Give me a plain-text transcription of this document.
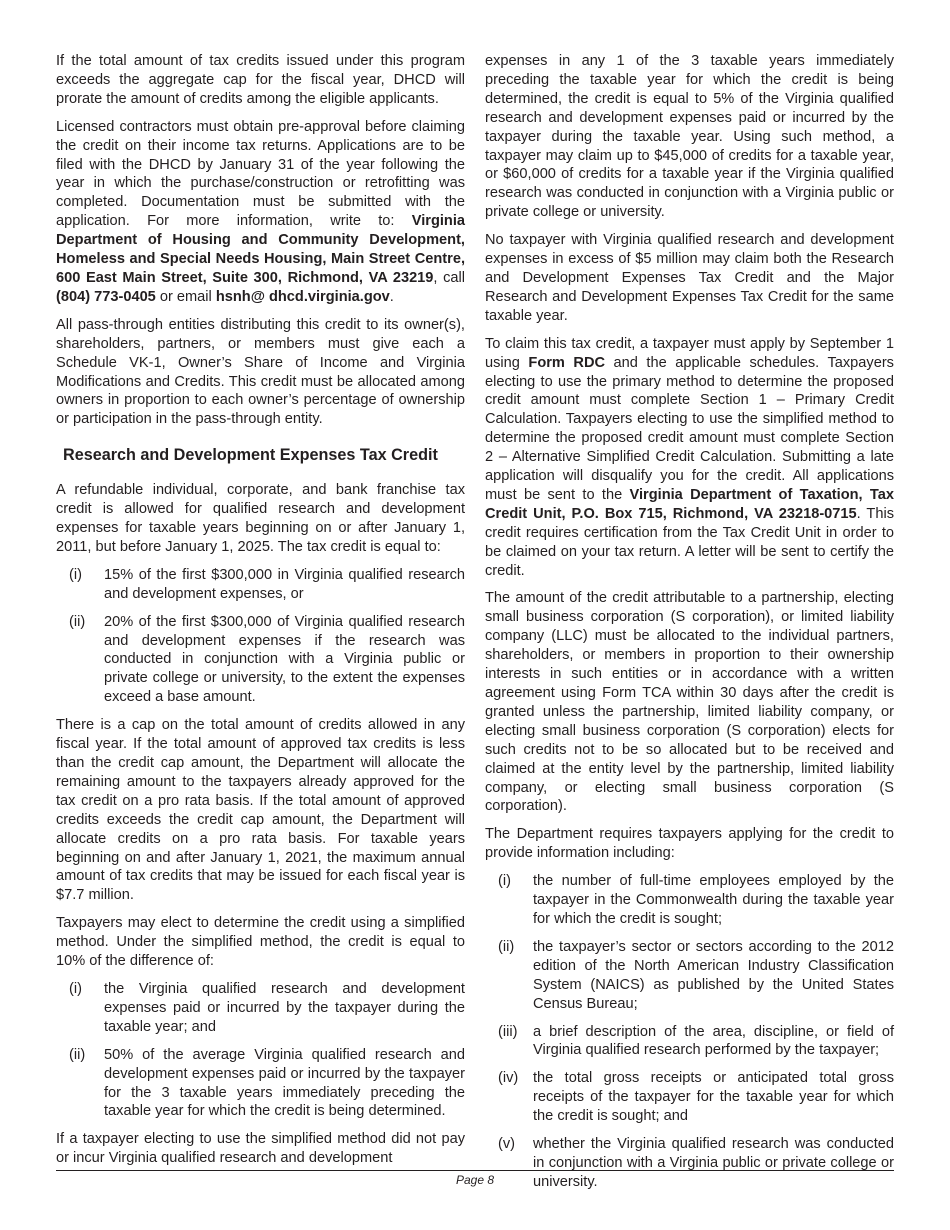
If the total amount of tax credits issued under this program exceeds the aggregate cap for the fiscal year, DHCD will prorate the amount of credits among the eligible applicants.

Licensed contractors must obtain pre-approval before claiming the credit on their income tax returns. Applications are to be filed with the DHCD by January 31 of the year following the year in which the purchase/construction or retrofitting was completed. Documentation must be submitted with the application. For more information, write to: Virginia Department of Housing and Community Development, Homeless and Special Needs Housing, Main Street Centre, 600 East Main Street, Suite 300, Richmond, VA 23219, call (804) 773-0405 or email hsnh@ dhcd.virginia.gov.

All pass-through entities distributing this credit to its owner(s), shareholders, partners, or members must give each a Schedule VK-1, Owner’s Share of Income and Virginia Modifications and Credits. This credit must be allocated among owners in proportion to each owner’s percentage of ownership or participation in the pass-through entity.

Research and Development Expenses Tax Credit

A refundable individual, corporate, and bank franchise tax credit is allowed for qualified research and development expenses for taxable years beginning on or after January 1, 2011, but before January 1, 2025. The tax credit is equal to:

(i)	15% of the first $300,000 in Virginia qualified research and development expenses, or
(ii)	20% of the first $300,000 of Virginia qualified research and development expenses if the research was conducted in conjunction with a Virginia public or private college or university, to the extent the expenses exceed a base amount.

There is a cap on the total amount of credits allowed in any fiscal year. If the total amount of approved tax credits is less than the credit cap amount, the Department will allocate the remaining amount to the taxpayers already approved for the tax credit on a pro rata basis. If the total amount of approved credits exceeds the credit cap amount, the Department will allocate credits on a pro rata basis. For taxable years beginning on and after January 1, 2021, the maximum annual amount of tax credits that may be issued for each fiscal year is $7.7 million.

Taxpayers may elect to determine the credit using a simplified method. Under the simplified method, the credit is equal to 10% of the difference of:

(i)	the Virginia qualified research and development expenses paid or incurred by the taxpayer during the taxable year; and
(ii)	50% of the average Virginia qualified research and development expenses paid or incurred by the taxpayer for the 3 taxable years immediately preceding the taxable year for which the credit is being determined.

If a taxpayer electing to use the simplified method did not pay or incur Virginia qualified research and development

expenses in any 1 of the 3 taxable years immediately preceding the taxable year for which the credit is being determined, the credit is equal to 5% of the Virginia qualified research and development expenses paid or incurred by the taxpayer during the taxable year. Using such method, a taxpayer may claim up to $45,000 of credits for a taxable year, or $60,000 of credits for a taxable year if the Virginia qualified research was conducted in conjunction with a Virginia public or private college or university.

No taxpayer with Virginia qualified research and development expenses in excess of $5 million may claim both the Research and Development Expenses Tax Credit and the Major Research and Development Expenses Tax Credit for the same taxable year.

To claim this tax credit, a taxpayer must apply by September 1 using Form RDC and the applicable schedules. Taxpayers electing to use the primary method to determine the proposed credit amount must complete Section 1 – Primary Credit Calculation. Taxpayers electing to use the simplified method to determine the proposed credit amount must complete Section 2 – Alternative Simplified Credit Calculation. Submitting a late application will disqualify you for the credit. All applications must be sent to the Virginia Department of Taxation, Tax Credit Unit, P.O. Box 715, Richmond, VA 23218-0715. This credit requires certification from the Tax Credit Unit in order to be claimed on your tax return. A letter will be sent to certify the credit.

The amount of the credit attributable to a partnership, electing small business corporation (S corporation), or limited liability company (LLC) must be allocated to the individual partners, shareholders, or members in proportion to their ownership interests in such entities or in accordance with a written agreement using Form TCA within 30 days after the credit is granted unless the partnership, limited liability company, or electing small business corporation (S corporation) elects for such credits not to be so allocated but to be received and claimed at the entity level by the partnership, limited liability company, or electing small business corporation (S corporation).

The Department requires taxpayers applying for the credit to provide information including:

(i)	the number of full-time employees employed by the taxpayer in the Commonwealth during the taxable year for which the credit is sought;
(ii)	the taxpayer’s sector or sectors according to the 2012 edition of the North American Industry Classification System (NAICS) as published by the United States Census Bureau;
(iii)	a brief description of the area, discipline, or field of Virginia qualified research performed by the taxpayer;
(iv)	the total gross receipts or anticipated total gross receipts of the taxpayer for the taxable year for which the credit is sought; and
(v)	whether the Virginia qualified research was conducted in conjunction with a Virginia public or private college or university.
Page 8
